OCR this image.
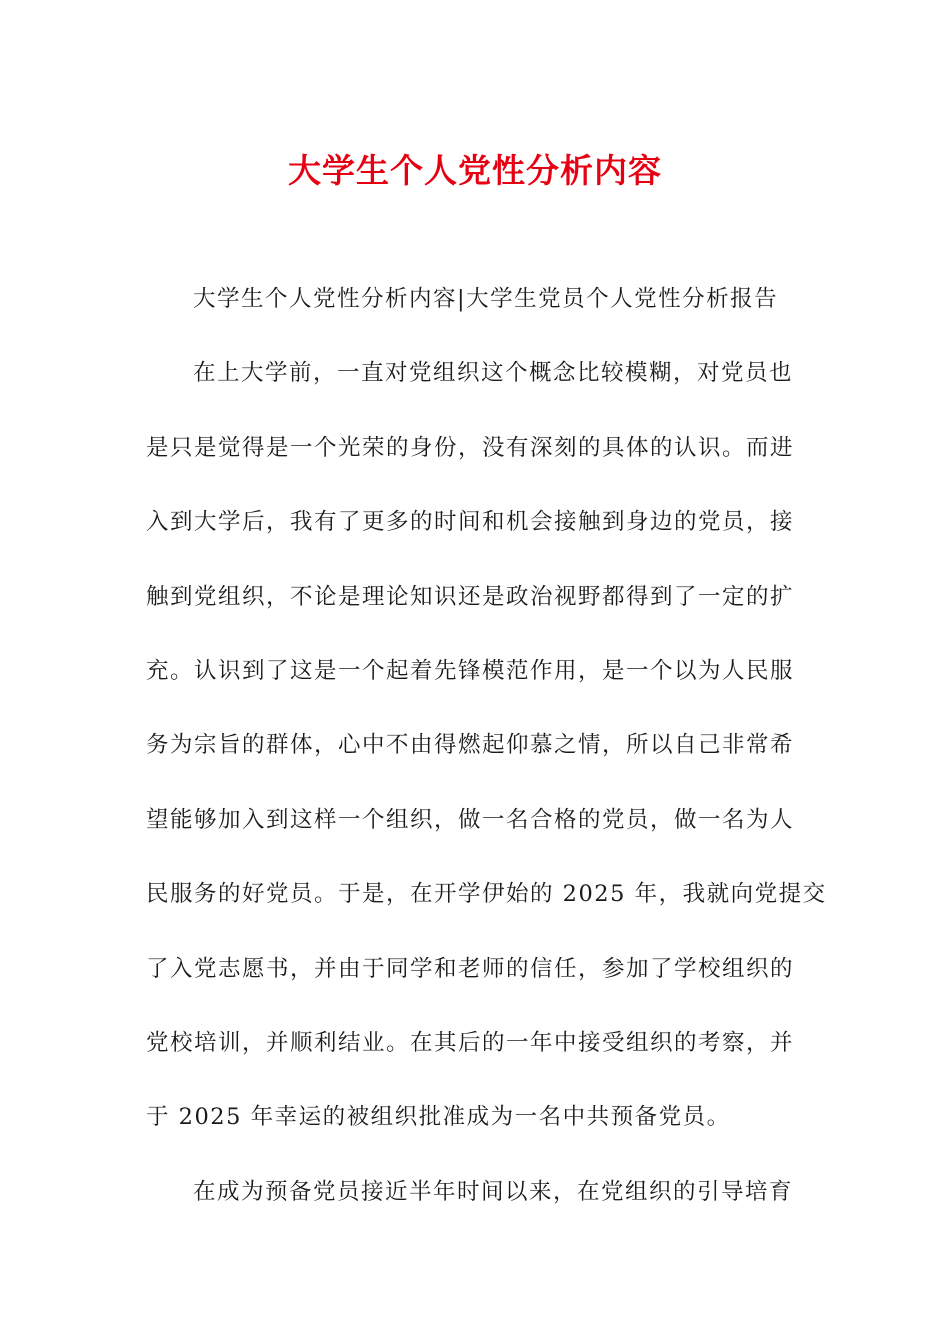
大学生个人党性分析内容
大学生个人党性分析内容|大学生党员个人党性分析报告
在上大学前，一直对党组织这个概念比较模糊，对党员也
是只是觉得是一个光荣的身份，没有深刻的具体的认识。而进
入到大学后，我有了更多的时间和机会接触到身边的党员，接
触到党组织，不论是理论知识还是政治视野都得到了一定的扩
充。认识到了这是一个起着先锋模范作用，是一个以为人民服
务为宗旨的群体，心中不由得燃起仰慕之情，所以自己非常希
望能够加入到这样一个组织，做一名合格的党员，做一名为人
民服务的好党员。于是，在开学伊始的 2025 年，我就向党提交
了入党志愿书，并由于同学和老师的信任，参加了学校组织的
党校培训，并顺利结业。在其后的一年中接受组织的考察，并
于 2025 年幸运的被组织批准成为一名中共预备党员。
在成为预备党员接近半年时间以来，在党组织的引导培育
